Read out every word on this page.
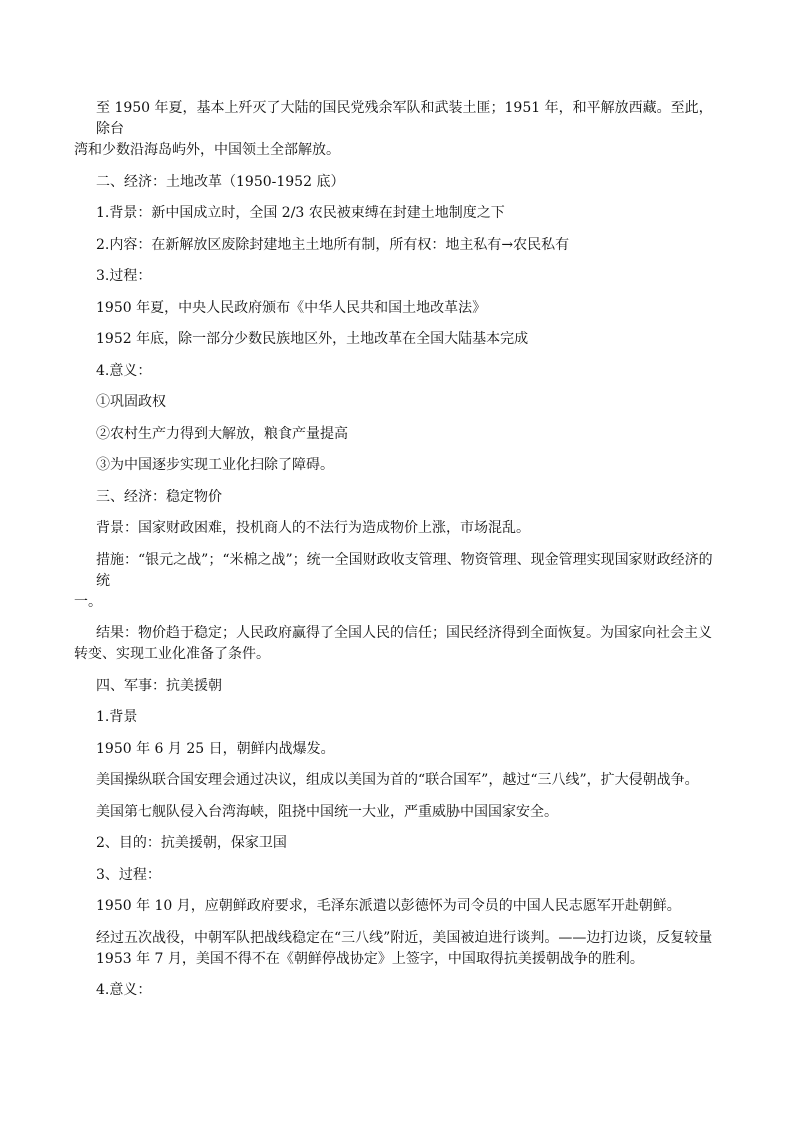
至 1950 年夏，基本上歼灭了大陆的国民党残余军队和武装土匪；1951 年，和平解放西藏。至此，除台
湾和少数沿海岛屿外，中国领土全部解放。
二、经济：土地改革（1950-1952 底）
1.背景：新中国成立时，全国 2/3 农民被束缚在封建土地制度之下
2.内容：在新解放区废除封建地主土地所有制，所有权：地主私有→农民私有
3.过程：
1950 年夏，中央人民政府颁布《中华人民共和国土地改革法》
1952 年底，除一部分少数民族地区外，土地改革在全国大陆基本完成
4.意义：
①巩固政权
②农村生产力得到大解放，粮食产量提高
③为中国逐步实现工业化扫除了障碍。
三、经济：稳定物价
背景：国家财政困难，投机商人的不法行为造成物价上涨，市场混乱。
措施：“银元之战”；“米棉之战”；统一全国财政收支管理、物资管理、现金管理实现国家财政经济的统
一。
结果：物价趋于稳定；人民政府赢得了全国人民的信任；国民经济得到全面恢复。为国家向社会主义
转变、实现工业化准备了条件。
四、军事：抗美援朝
1.背景
1950 年 6 月 25 日，朝鲜内战爆发。
美国操纵联合国安理会通过决议，组成以美国为首的“联合国军”，越过“三八线”，扩大侵朝战争。
美国第七舰队侵入台湾海峡，阻挠中国统一大业，严重威胁中国国家安全。
2、目的：抗美援朝，保家卫国
3、过程：
1950 年 10 月，应朝鲜政府要求，毛泽东派遣以彭德怀为司令员的中国人民志愿军开赴朝鲜。
经过五次战役，中朝军队把战线稳定在“三八线”附近，美国被迫进行谈判。——边打边谈，反复较量
1953 年 7 月，美国不得不在《朝鲜停战协定》上签字，中国取得抗美援朝战争的胜利。
4.意义：
